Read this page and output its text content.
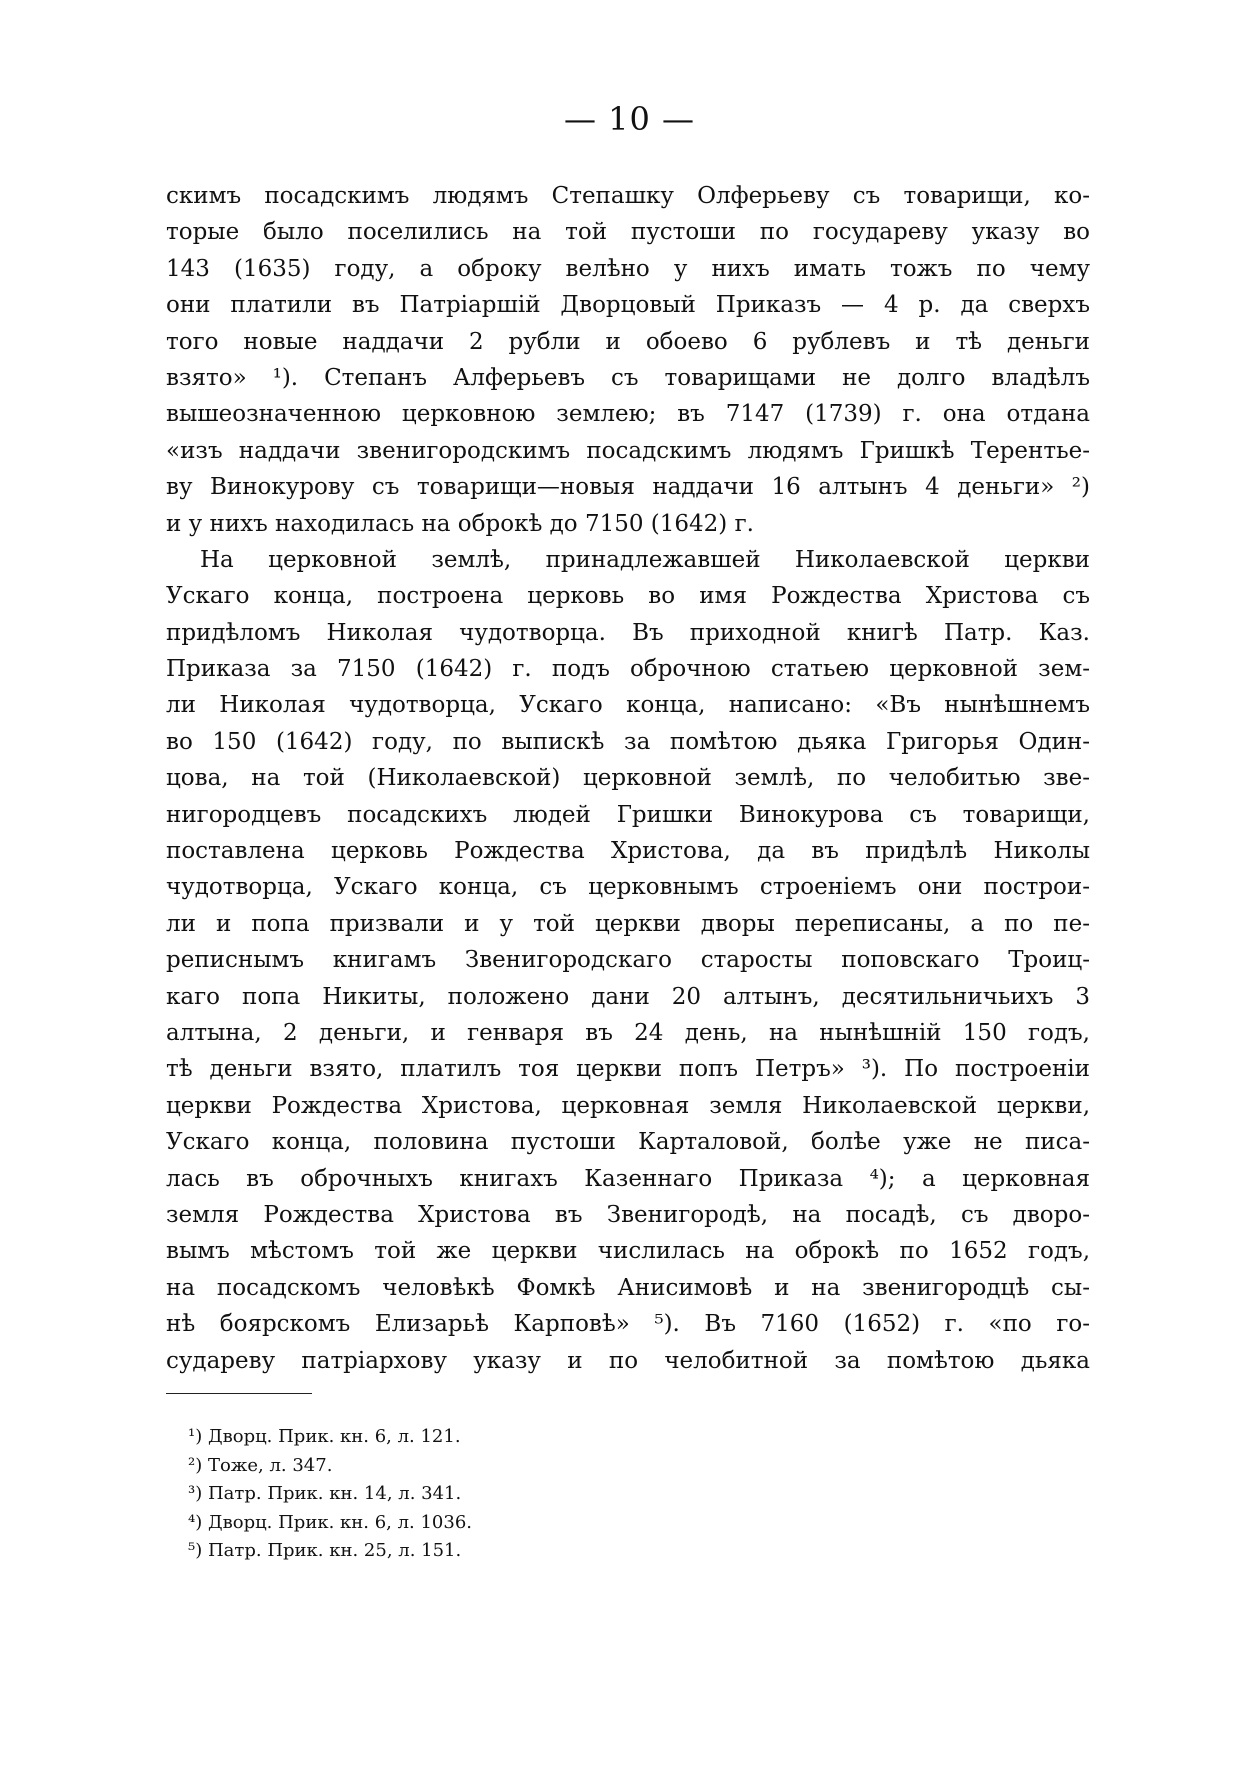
— 10 —
скимъ посадскимъ людямъ Степашку Олферьеву съ товарищи, ко-
торые было поселились на той пустоши по государеву указу во
143 (1635) году, а оброку велѣно у нихъ имать тожъ по чему
они платили въ Патріаршій Дворцовый Приказъ — 4 р. да сверхъ
того новые наддачи 2 рубли и обоево 6 рублевъ и тѣ деньги
взято» ¹). Степанъ Алферьевъ съ товарищами не долго владѣлъ
вышеозначенною церковною землею; въ 7147 (1739) г. она отдана
«изъ наддачи звенигородскимъ посадскимъ людямъ Гришкѣ Терентье-
ву Винокурову съ товарищи—новыя наддачи 16 алтынъ 4 деньги» ²)
и у нихъ находилась на оброкѣ до 7150 (1642) г.
На церковной землѣ, принадлежавшей Николаевской церкви
Ускаго конца, построена церковь во имя Рождества Христова съ
придѣломъ Николая чудотворца. Въ приходной книгѣ Патр. Каз.
Приказа за 7150 (1642) г. подъ оброчною статьею церковной зем-
ли Николая чудотворца, Ускаго конца, написано: «Въ нынѣшнемъ
во 150 (1642) году, по выпискѣ за помѣтою дьяка Григорья Один-
цова, на той (Николаевской) церковной землѣ, по челобитью зве-
нигородцевъ посадскихъ людей Гришки Винокурова съ товарищи,
поставлена церковь Рождества Христова, да въ придѣлѣ Николы
чудотворца, Ускаго конца, съ церковнымъ строеніемъ они построи-
ли и попа призвали и у той церкви дворы переписаны, а по пе-
реписнымъ книгамъ Звенигородскаго старосты поповскаго Троиц-
каго попа Никиты, положено дани 20 алтынъ, десятильничьихъ 3
алтына, 2 деньги, и генваря въ 24 день, на нынѣшній 150 годъ,
тѣ деньги взято, платилъ тоя церкви попъ Петръ» ³). По построеніи
церкви Рождества Христова, церковная земля Николаевской церкви,
Ускаго конца, половина пустоши Карталовой, болѣе уже не писа-
лась въ оброчныхъ книгахъ Казеннаго Приказа ⁴); а церковная
земля Рождества Христова въ Звенигородѣ, на посадѣ, съ дворо-
вымъ мѣстомъ той же церкви числилась на оброкѣ по 1652 годъ,
на посадскомъ человѣкѣ Фомкѣ Анисимовѣ и на звенигородцѣ сы-
нѣ боярскомъ Елизарьѣ Карповѣ» ⁵). Въ 7160 (1652) г. «по го-
судареву патріархову указу и по челобитной за помѣтою дьяка
¹) Дворц. Прик. кн. 6, л. 121.
²) Тоже, л. 347.
³) Патр. Прик. кн. 14, л. 341.
⁴) Дворц. Прик. кн. 6, л. 1036.
⁵) Патр. Прик. кн. 25, л. 151.
